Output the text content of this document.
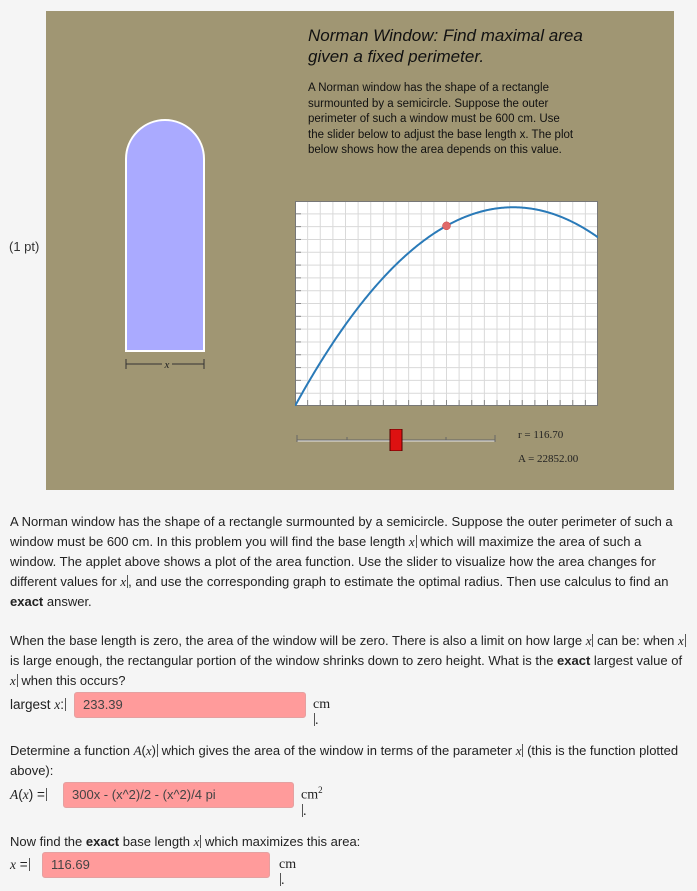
(1 pt)
x
Norman Window: Find maximal area given a fixed perimeter.
A Norman window has the shape of a rectangle surmounted by a semicircle. Suppose the outer perimeter of such a window must be 600 cm. Use the slider below to adjust the base length x. The plot below shows how the area depends on this value.
r = 116.70
A = 22852.00
A Norman window has the shape of a rectangle surmounted by a semicircle. Suppose the outer perimeter of such a window must be 600 cm. In this problem you will find the base length x which will maximize the area of such a window. The applet above shows a plot of the area function. Use the slider to visualize how the area changes for different values for x , and use the corresponding graph to estimate the optimal radius. Then use calculus to find an exact answer.
When the base length is zero, the area of the window will be zero. There is also a limit on how large x can be: when x is large enough, the rectangular portion of the window shrinks down to zero height. What is the exact largest value of x when this occurs?
largest x:	233.39	cm.
Determine a function A(x) which gives the area of the window in terms of the parameter x (this is the function plotted above):
A(x) =	300x - (x^2)/2 - (x^2)/4 pi	$cm^2$.
Now find the exact base length x which maximizes this area:
x =	116.69	cm.
